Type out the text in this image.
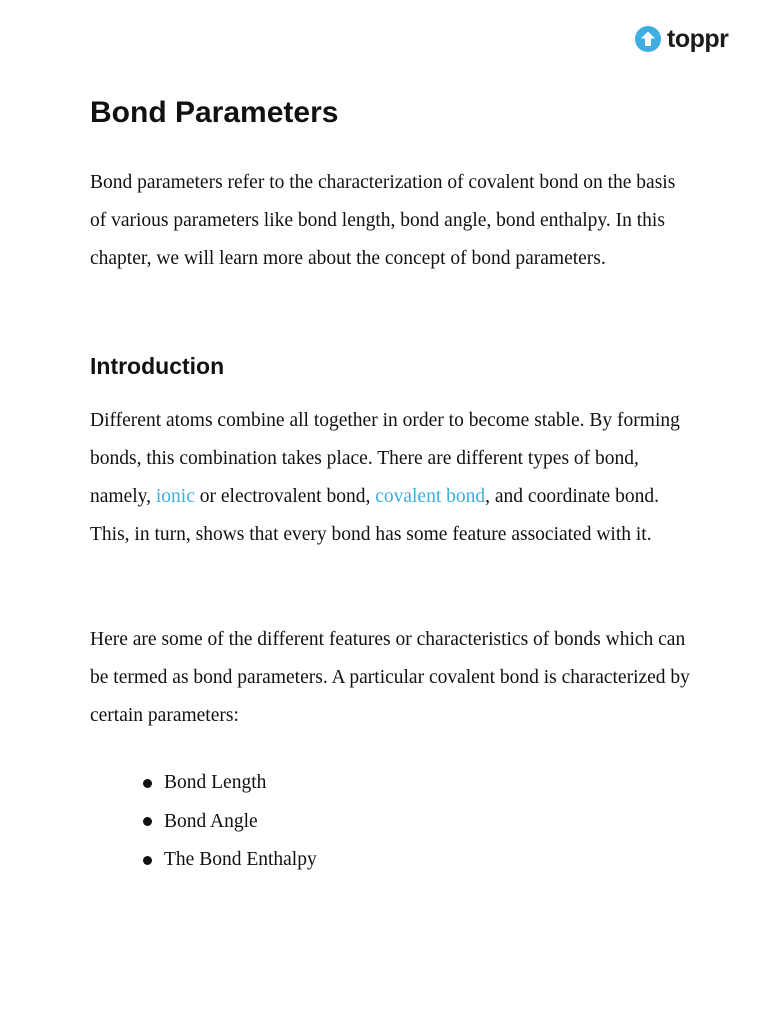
toppr
Bond Parameters

Bond parameters refer to the characterization of covalent bond on the basis of various parameters like bond length, bond angle, bond enthalpy. In this chapter, we will learn more about the concept of bond parameters.

Introduction

Different atoms combine all together in order to become stable. By forming bonds, this combination takes place. There are different types of bond, namely, ionic or electrovalent bond, covalent bond, and coordinate bond. This, in turn, shows that every bond has some feature associated with it.

Here are some of the different features or characteristics of bonds which can be termed as bond parameters. A particular covalent bond is characterized by certain parameters:

Bond Length
Bond Angle
The Bond Enthalpy
